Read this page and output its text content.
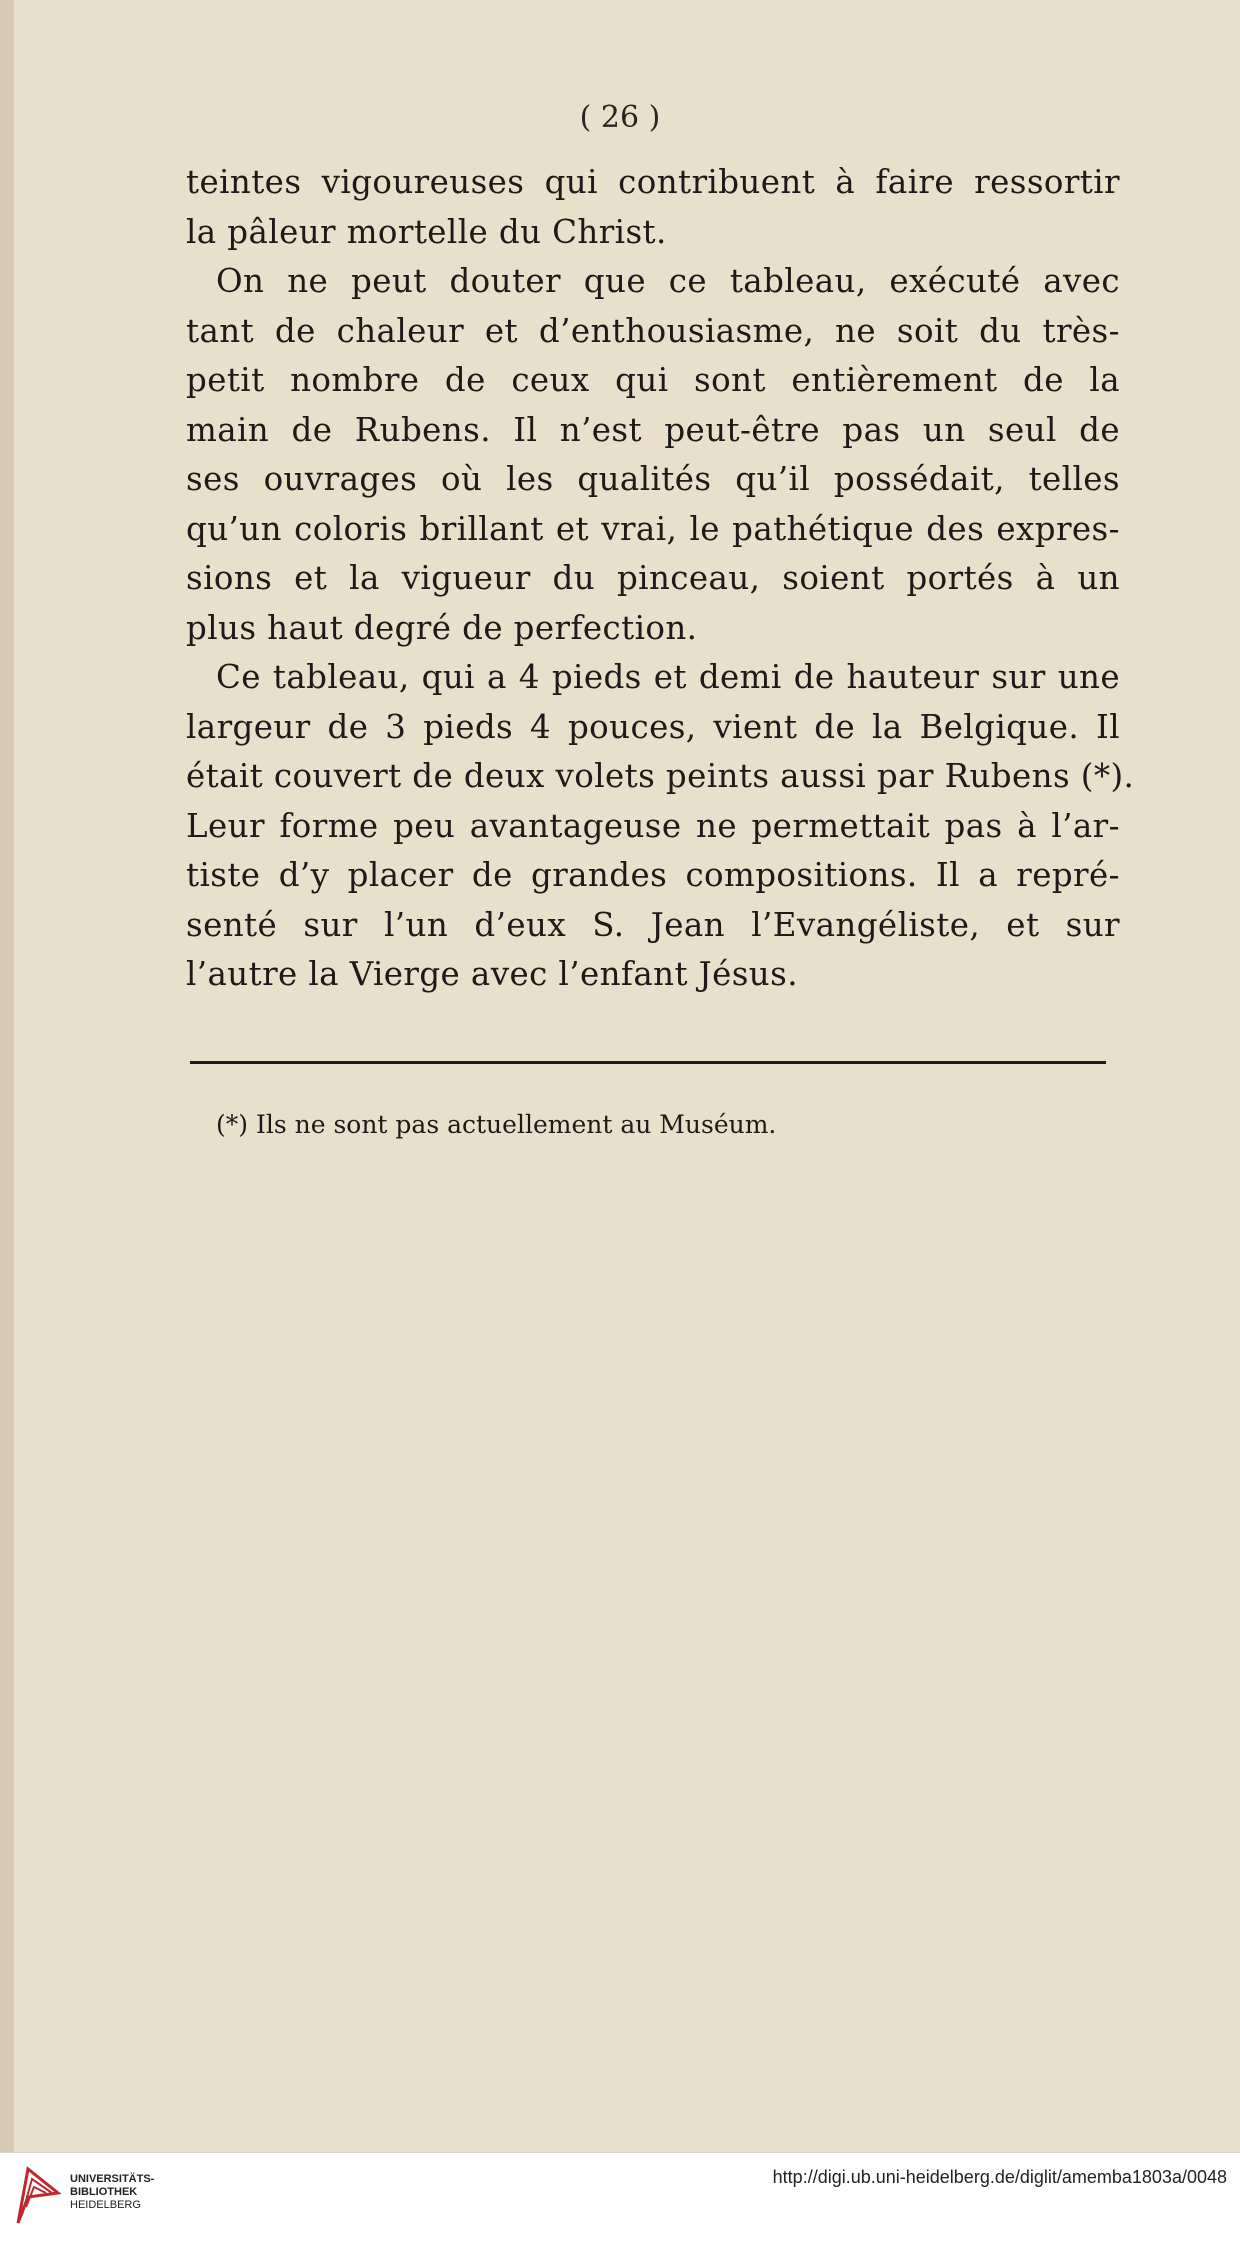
( 26 )
teintes vigoureuses qui contribuent à faire ressortir
la pâleur mortelle du Christ.
On ne peut douter que ce tableau, exécuté avec
tant de chaleur et d’enthousiasme, ne soit du très-
petit nombre de ceux qui sont entièrement de la
main de Rubens. Il n’est peut-être pas un seul de
ses ouvrages où les qualités qu’il possédait, telles
qu’un coloris brillant et vrai, le pathétique des expres-
sions et la vigueur du pinceau, soient portés à un
plus haut degré de perfection.
Ce tableau, qui a 4 pieds et demi de hauteur sur une
largeur de 3 pieds 4 pouces, vient de la Belgique. Il
était couvert de deux volets peints aussi par Rubens (*).
Leur forme peu avantageuse ne permettait pas à l’ar-
tiste d’y placer de grandes compositions. Il a repré-
senté sur l’un d’eux S. Jean l’Evangéliste, et sur
l’autre la Vierge avec l’enfant Jésus.
(*) Ils ne sont pas actuellement au Muséum.
UNIVERSITÄTS-
BIBLIOTHEK
HEIDELBERG
http://digi.ub.uni-heidelberg.de/diglit/amemba1803a/0048
